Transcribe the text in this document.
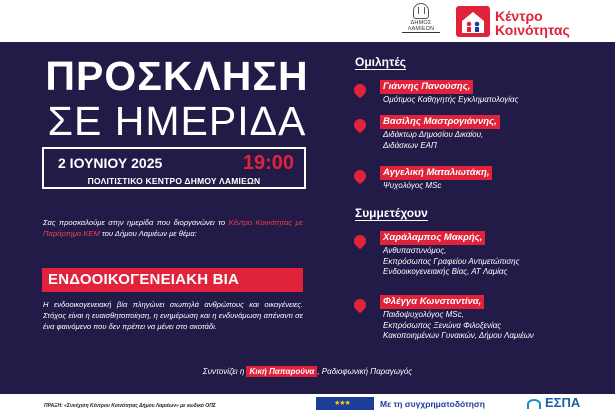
ΔΗΜΟΣ
ΛΑΜΙΕΩΝ
Κέντρο
Κοινότητας
ΠΡΟΣΚΛΗΣΗ
ΣΕ ΗΜΕΡΙΔΑ
2 ΙΟΥΝΙΟΥ 2025	19:00
ΠΟΛΙΤΙΣΤΙΚΟ ΚΕΝΤΡΟ ΔΗΜΟΥ ΛΑΜΙΕΩΝ
Σας προσκαλούμε στην ημερίδα που διοργανώνει το Κέντρο Κοινότητας με Παράρτημα ΚΕΜ του Δήμου Λαμιέων με θέμα:
ΕΝΔΟΟΙΚΟΓΕΝΕΙΑΚΗ ΒΙΑ
Η ενδοοικογενειακή βία πληγώνει σιωπηλά ανθρώπους και οικογένειες. Στόχος είναι η ευαισθητοποίηση, η ενημέρωση και η ενδυνάμωση απέναντι σε ένα φαινόμενο που δεν πρέπει να μένει στο σκοτάδι.
Ομιλητές
Γιάννης Πανούσης,
Ομότιμος Καθηγητής Εγκληματολογίας
Βασίλης Μαστρογιάννης,
Διδάκτωρ Δημοσίου Δικαίου,
Διδάσκων ΕΑΠ
Αγγελική Ματαλιωτάκη,
Ψυχολόγος MSc
Συμμετέχουν
Χαράλαμπος Μακρής,
Ανθυπαστυνόμος,
Εκπρόσωπος Γραφείου Αντιμετώπισης
Ενδοοικογενειακής Βίας, ΑΤ Λαμίας
Φλέγγα Κωνσταντίνα,
Παιδοψυχολόγος MSc,
Εκπρόσωπος Ξενώνα Φιλοξενίας
Κακοποιημένων Γυναικών, Δήμου Λαμιέων
Συντονίζει η Κική Παπαρούνα , Ραδιοφωνική Παραγωγός
ΠΡΑΞΗ: «Συνέχιση Κέντρου Κοινότητας Δήμου Λαμιέων» με κωδικό ΟΠΣ	★★★	Με τη συγχρηματοδότηση	ΕΣΠΑ
